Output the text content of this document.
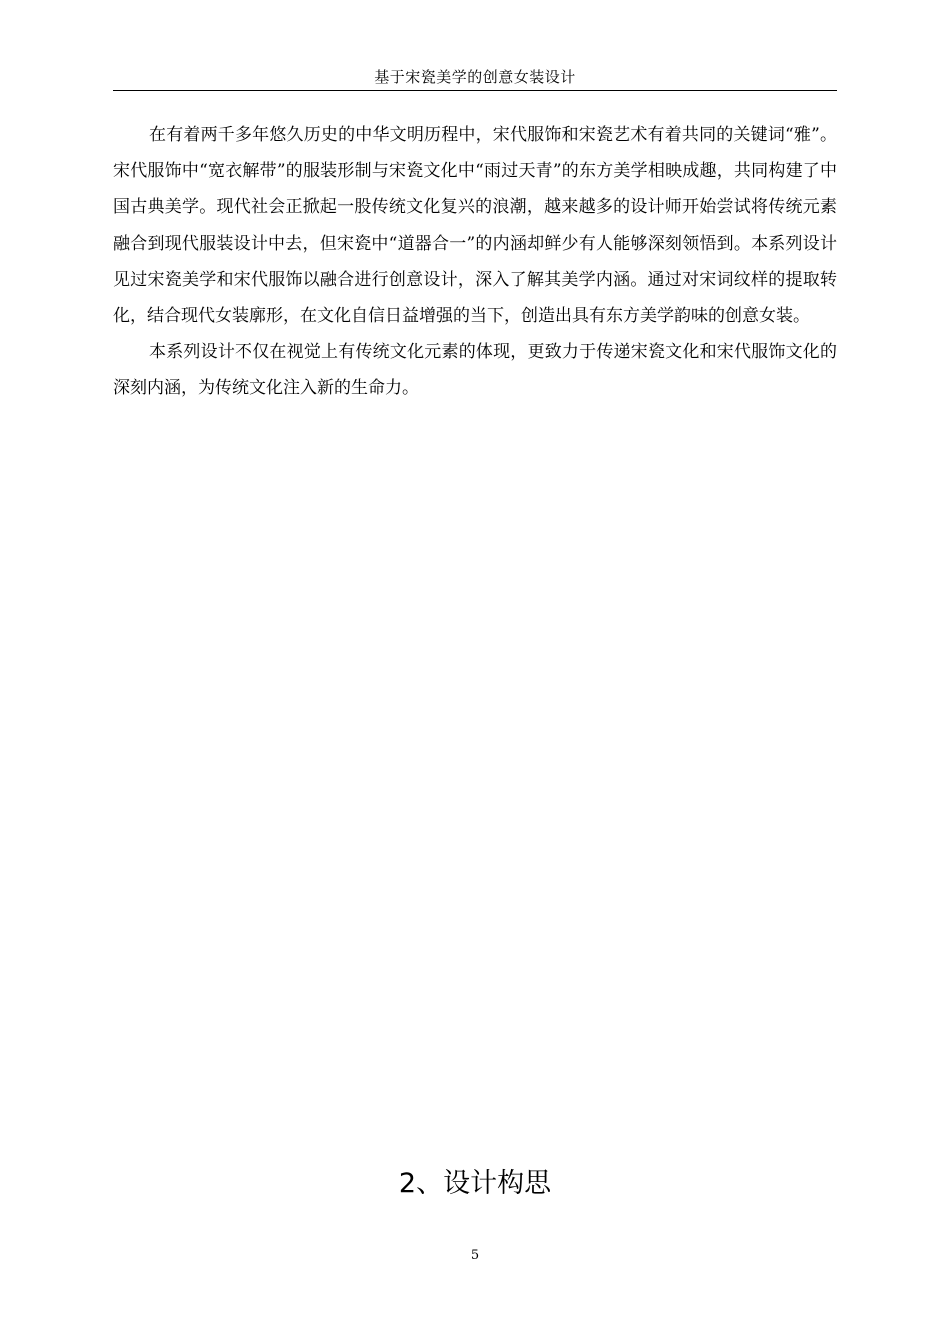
基于宋瓷美学的创意女装设计

在有着两千多年悠久历史的中华文明历程中，宋代服饰和宋瓷艺术有着共同的关键词“雅”。宋代服饰中“宽衣解带”的服装形制与宋瓷文化中“雨过天青”的东方美学相映成趣，共同构建了中国古典美学。现代社会正掀起一股传统文化复兴的浪潮，越来越多的设计师开始尝试将传统元素融合到现代服装设计中去，但宋瓷中“道器合一”的内涵却鲜少有人能够深刻领悟到。本系列设计见过宋瓷美学和宋代服饰以融合进行创意设计，深入了解其美学内涵。通过对宋词纹样的提取转化，结合现代女装廓形，在文化自信日益增强的当下，创造出具有东方美学韵味的创意女装。

本系列设计不仅在视觉上有传统文化元素的体现，更致力于传递宋瓷文化和宋代服饰文化的深刻内涵，为传统文化注入新的生命力。

2、设计构思
5
